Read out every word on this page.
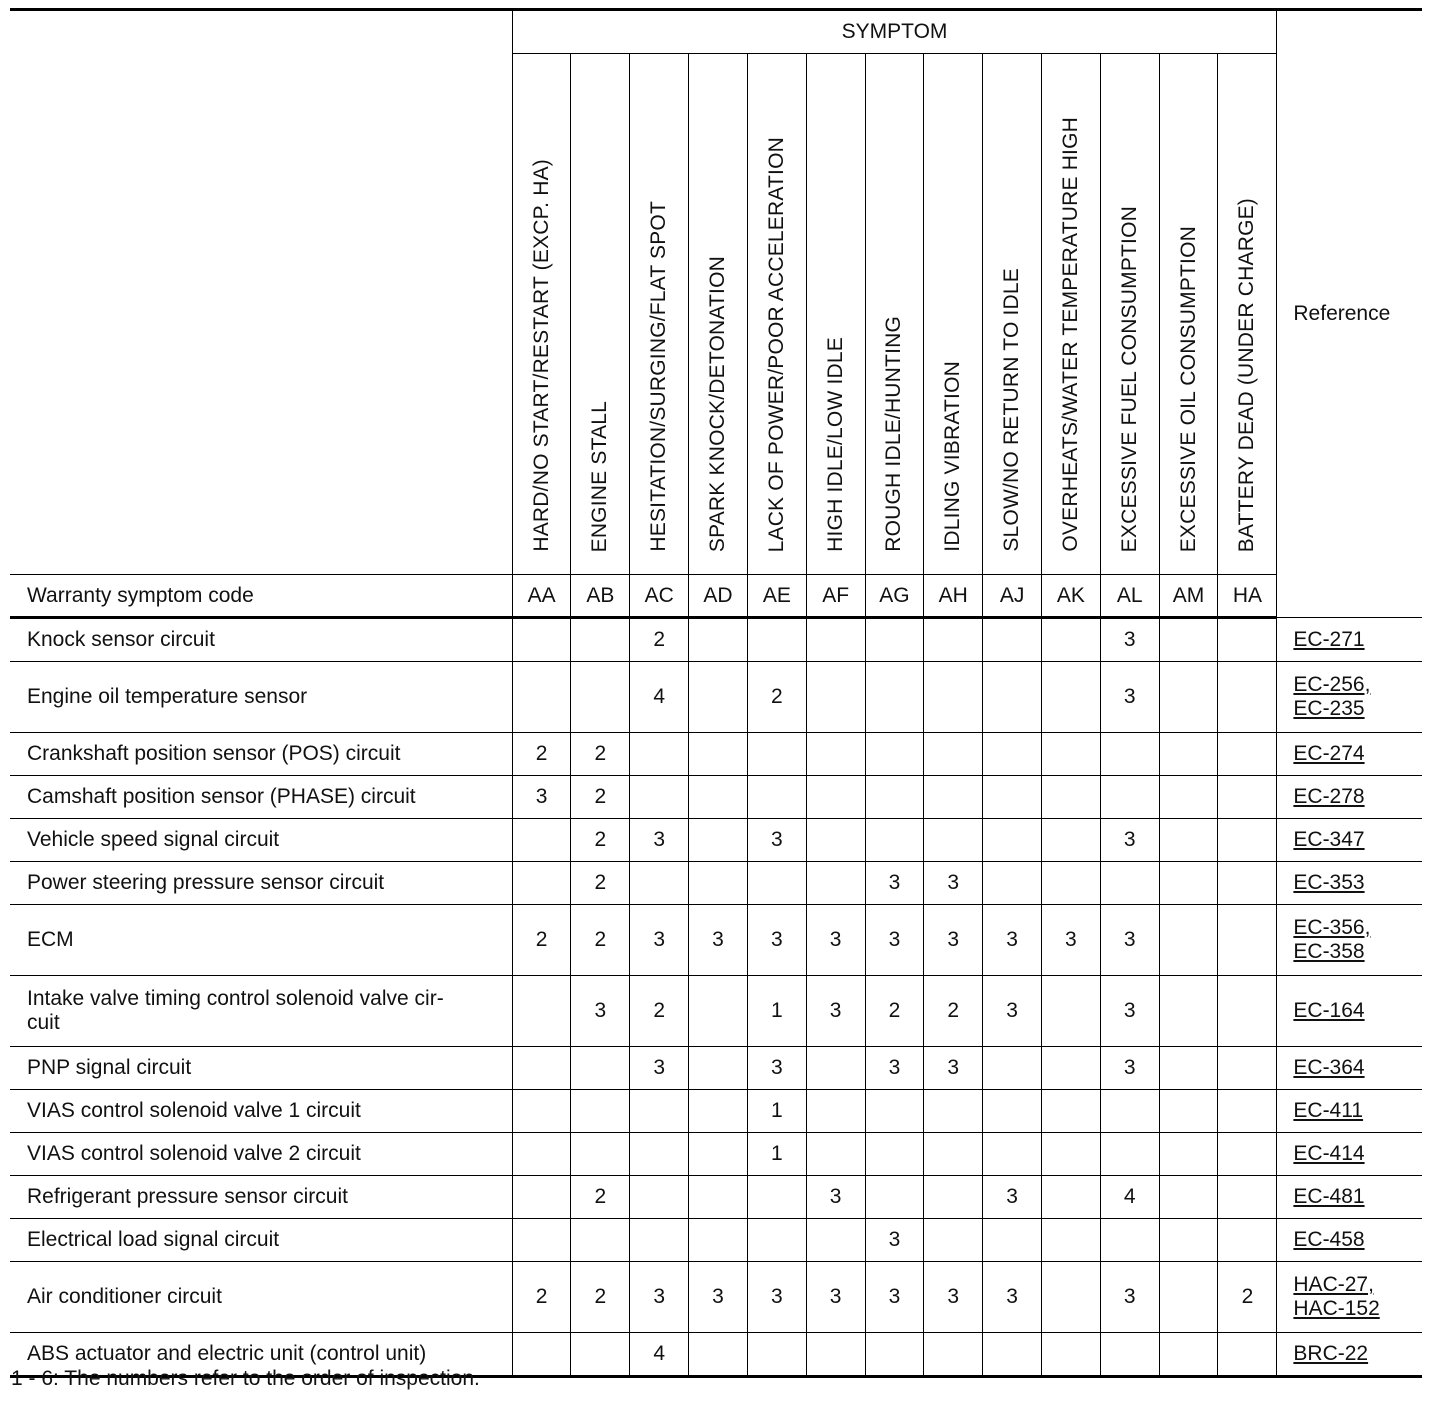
	SYMPTOM													Reference
	HARD/NO START/RESTART (EXCP. HA)	ENGINE STALL	HESITATION/SURGING/FLAT SPOT	SPARK KNOCK/DETONATION	LACK OF POWER/POOR ACCELERATION	HIGH IDLE/LOW IDLE	ROUGH IDLE/HUNTING	IDLING VIBRATION	SLOW/NO RETURN TO IDLE	OVERHEATS/WATER TEMPERATURE HIGH	EXCESSIVE FUEL CONSUMPTION	EXCESSIVE OIL CONSUMPTION	BATTERY DEAD (UNDER CHARGE)	
Warranty symptom code	AA	AB	AC	AD	AE	AF	AG	AH	AJ	AK	AL	AM	HA	
Knock sensor circuit			2								3			EC-271
Engine oil temperature sensor			4		2						3			EC-256,
EC-235
Crankshaft position sensor (POS) circuit	2	2												EC-274
Camshaft position sensor (PHASE) circuit	3	2												EC-278
Vehicle speed signal circuit		2	3		3						3			EC-347
Power steering pressure sensor circuit		2					3	3						EC-353
ECM	2	2	3	3	3	3	3	3	3	3	3			EC-356,
EC-358
Intake valve timing control solenoid valve cir-
cuit		3	2		1	3	2	2	3		3			EC-164
PNP signal circuit			3		3		3	3			3			EC-364
VIAS control solenoid valve 1 circuit					1									EC-411
VIAS control solenoid valve 2 circuit					1									EC-414
Refrigerant pressure sensor circuit		2				3			3		4			EC-481
Electrical load signal circuit							3							EC-458
Air conditioner circuit	2	2	3	3	3	3	3	3	3		3		2	HAC-27,
HAC-152
ABS actuator and electric unit (control unit)			4											BRC-22
1 - 6: The numbers refer to the order of inspection.
